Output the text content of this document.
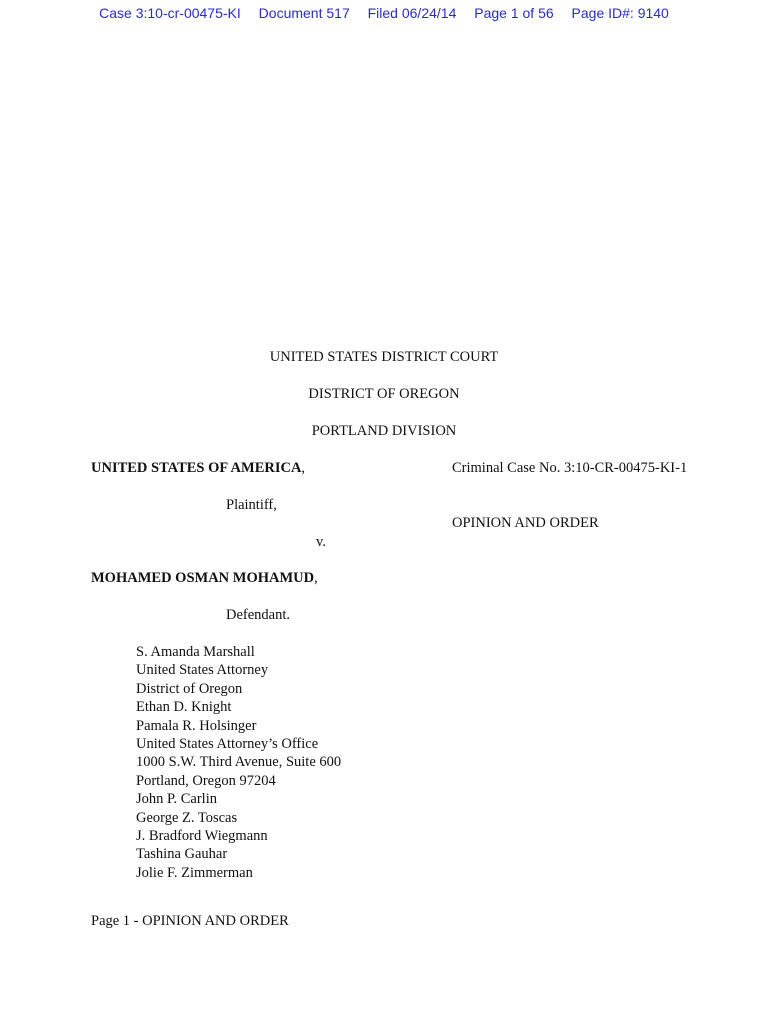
Case 3:10-cr-00475-KI Document 517 Filed 06/24/14 Page 1 of 56 Page ID#: 9140
UNITED STATES DISTRICT COURT
DISTRICT OF OREGON
PORTLAND DIVISION
UNITED STATES OF AMERICA,	Criminal Case No. 3:10-CR-00475-KI-1
Plaintiff,
OPINION AND ORDER
v.
MOHAMED OSMAN MOHAMUD,
Defendant.
S. Amanda Marshall
United States Attorney
District of Oregon
Ethan D. Knight
Pamala R. Holsinger
United States Attorney’s Office
1000 S.W. Third Avenue, Suite 600
Portland, Oregon 97204
John P. Carlin
George Z. Toscas
J. Bradford Wiegmann
Tashina Gauhar
Jolie F. Zimmerman
Page 1 - OPINION AND ORDER
